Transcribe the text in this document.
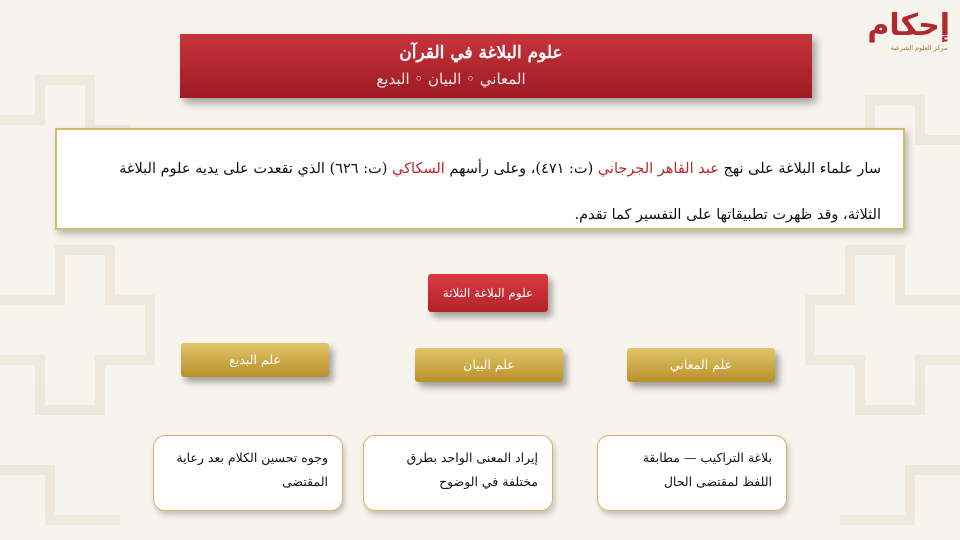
إحكام
مركز العلوم الشرعية
علوم البلاغة في القرآن
المعاني ◦ البيان ◦ البديع
سار علماء البلاغة على نهج عبد القاهر الجرجاني (ت: ٤٧١)، وعلى رأسهم السكاكي (ت: ٦٢٦) الذي تقعدت على يديه علوم البلاغة الثلاثة، وقد ظهرت تطبيقاتها على التفسير كما تقدم.
علوم البلاغة الثلاثة
علم المعاني
علم البيان
علم البديع
بلاغة التراكيب — مطابقة اللفظ لمقتضى الحال
إيراد المعنى الواحد بطرق مختلفة في الوضوح
وجوه تحسين الكلام بعد رعاية المقتضى
